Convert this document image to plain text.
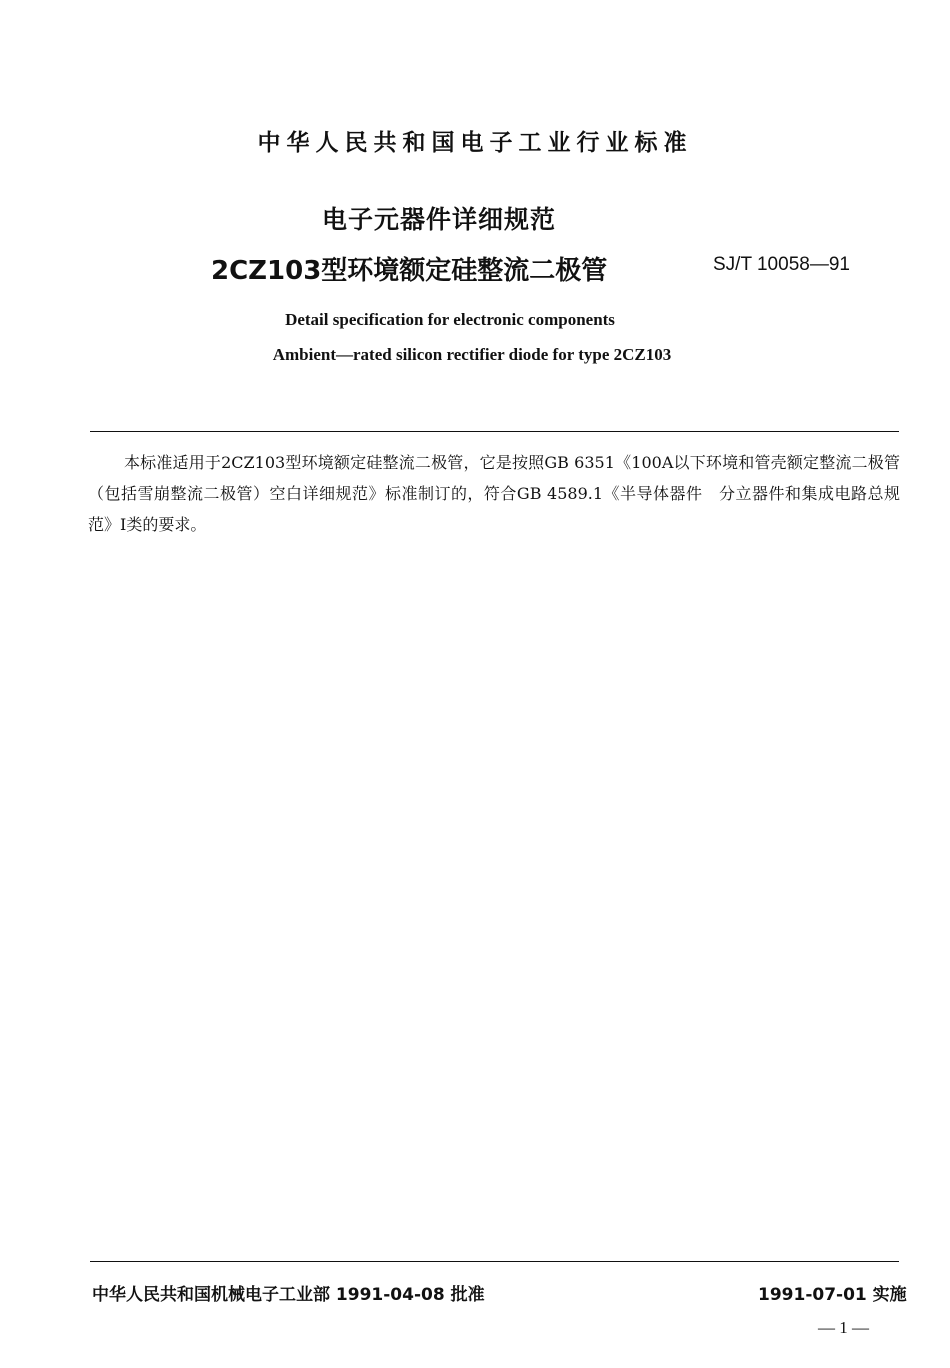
中华人民共和国电子工业行业标准
电子元器件详细规范
2CZ103型环境额定硅整流二极管	SJ/T 10058—91
Detail specification for electronic components
Ambient—rated silicon rectifier diode for type 2CZ103

本标准适用于2CZ103型环境额定硅整流二极管，它是按照GB 6351《100A以下环境和管壳额定整流二极管（包括雪崩整流二极管）空白详细规范》标准制订的，符合GB 4589.1《半导体器件　分立器件和集成电路总规范》Ⅰ类的要求。

中华人民共和国机械电子工业部 1991-04-08 批准	1991-07-01 实施
— 1 —
